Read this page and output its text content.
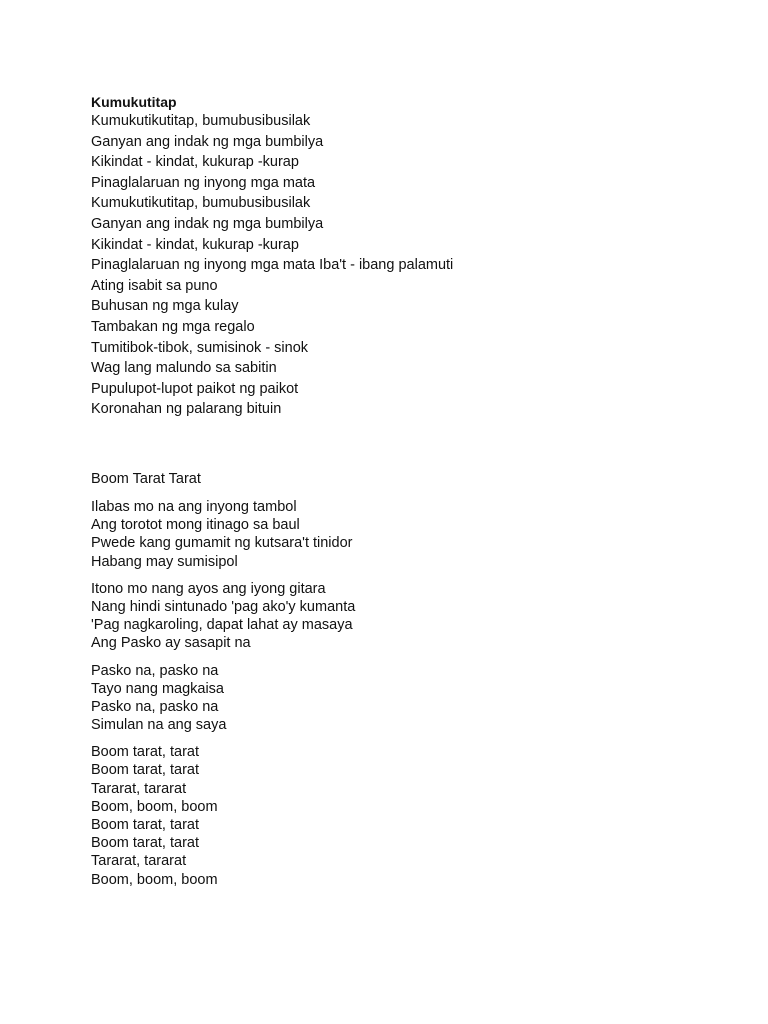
Kumukutitap

Kumukutikutitap, bumubusibusilak
Ganyan ang indak ng mga bumbilya
Kikindat - kindat, kukurap -kurap
Pinaglalaruan ng inyong mga mata
Kumukutikutitap, bumubusibusilak
Ganyan ang indak ng mga bumbilya
Kikindat - kindat, kukurap -kurap
Pinaglalaruan ng inyong mga mata Iba't - ibang palamuti
Ating isabit sa puno
Buhusan ng mga kulay
Tambakan ng mga regalo
Tumitibok-tibok, sumisinok - sinok
Wag lang malundo sa sabitin
Pupulupot-lupot paikot ng paikot
Koronahan ng palarang bituin

Boom Tarat Tarat

Ilabas mo na ang inyong tambol
Ang torotot mong itinago sa baul
Pwede kang gumamit ng kutsara't tinidor
Habang may sumisipol
Itono mo nang ayos ang iyong gitara
Nang hindi sintunado 'pag ako'y kumanta
'Pag nagkaroling, dapat lahat ay masaya
Ang Pasko ay sasapit na
Pasko na, pasko na
Tayo nang magkaisa
Pasko na, pasko na
Simulan na ang saya
Boom tarat, tarat
Boom tarat, tarat
Tararat, tararat
Boom, boom, boom
Boom tarat, tarat
Boom tarat, tarat
Tararat, tararat
Boom, boom, boom
